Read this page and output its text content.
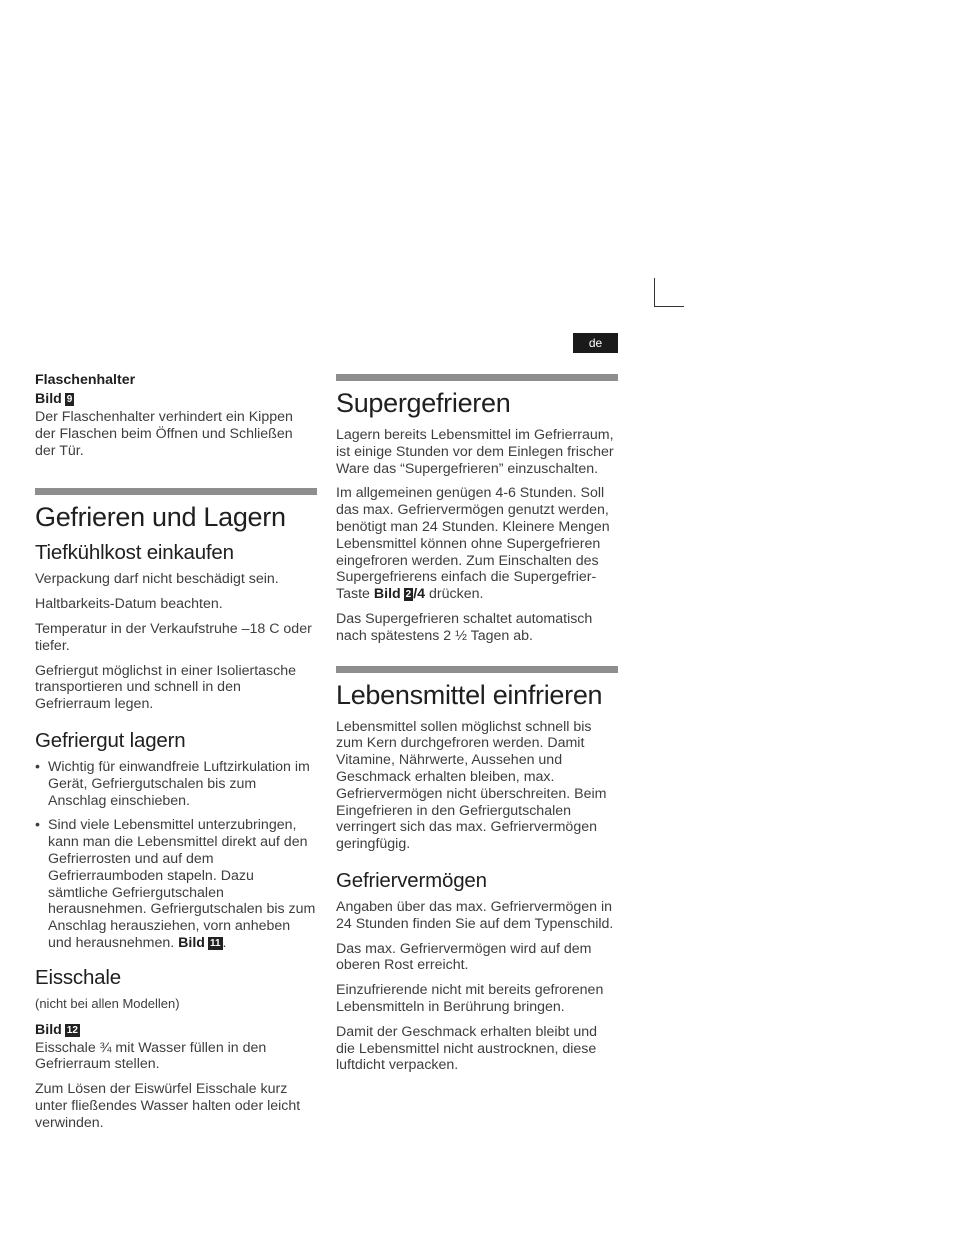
de
Flaschenhalter
Bild 9

Der Flaschenhalter verhindert ein Kippen der Flaschen beim Öffnen und Schließen der Tür.

Gefrieren und Lagern
Tiefkühlkost einkaufen

Verpackung darf nicht beschädigt sein.

Haltbarkeits-Datum beachten.

Temperatur in der Verkaufstruhe –18 C oder tiefer.

Gefriergut möglichst in einer Isoliertasche transportieren und schnell in den Gefrierraum legen.

Gefriergut lagern
• Wichtig für einwandfreie Luftzirkulation im Gerät, Gefriergutschalen bis zum Anschlag einschieben.
• Sind viele Lebensmittel unterzubringen, kann man die Lebensmittel direkt auf den Gefrierrosten und auf dem Gefrierraumboden stapeln. Dazu sämtliche Gefriergutschalen herausnehmen. Gefriergutschalen bis zum Anschlag herausziehen, vorn anheben und herausnehmen. Bild 11 .
Eisschale

(nicht bei allen Modellen)

Bild 12

Eisschale ¾ mit Wasser füllen in den Gefrierraum stellen.

Zum Lösen der Eiswürfel Eisschale kurz unter fließendes Wasser halten oder leicht verwinden.

Supergefrieren

Lagern bereits Lebensmittel im Gefrierraum, ist einige Stunden vor dem Einlegen frischer Ware das “Supergefrieren” einzuschalten.

Im allgemeinen genügen 4-6 Stunden. Soll das max. Gefriervermögen genutzt werden, benötigt man 24 Stunden. Kleinere Mengen Lebensmittel können ohne Supergefrieren eingefroren werden. Zum Einschalten des Supergefrierens einfach die Supergefrier-Taste Bild 2 /4 drücken.

Das Supergefrieren schaltet automatisch nach spätestens 2 ½ Tagen ab.

Lebensmittel einfrieren

Lebensmittel sollen möglichst schnell bis zum Kern durchgefroren werden. Damit Vitamine, Nährwerte, Aussehen und Geschmack erhalten bleiben, max. Gefriervermögen nicht überschreiten. Beim Eingefrieren in den Gefriergutschalen verringert sich das max. Gefriervermögen geringfügig.

Gefriervermögen

Angaben über das max. Gefriervermögen in 24 Stunden finden Sie auf dem Typenschild.

Das max. Gefriervermögen wird auf dem oberen Rost erreicht.

Einzufrierende nicht mit bereits gefrorenen Lebensmitteln in Berührung bringen.

Damit der Geschmack erhalten bleibt und die Lebensmittel nicht austrocknen, diese luftdicht verpacken.
